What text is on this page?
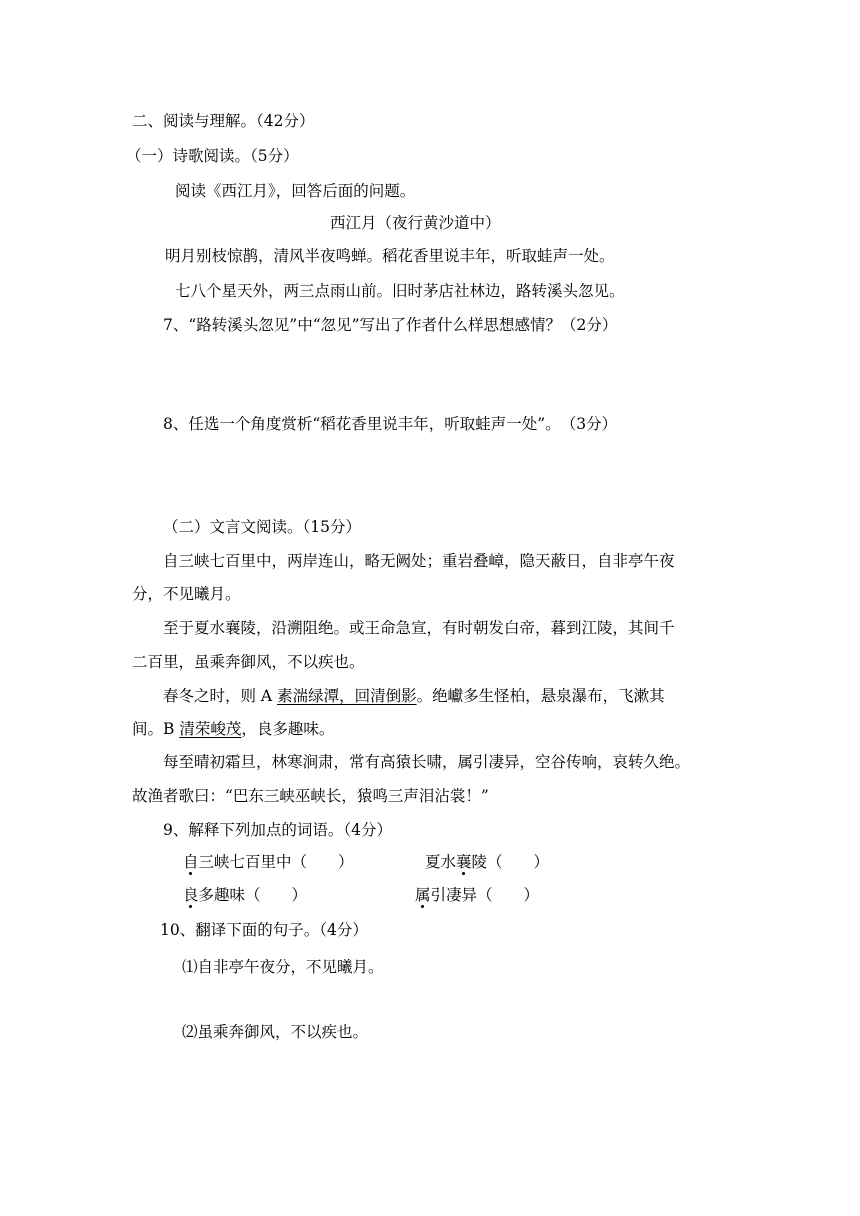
二、阅读与理解。（42分）
（一）诗歌阅读。（5分）
阅读《西江月》，回答后面的问题。
西江月（夜行黄沙道中）
明月别枝惊鹊，清风半夜鸣蝉。稻花香里说丰年，听取蛙声一处。
七八个星天外，两三点雨山前。旧时茅店社林边，路转溪头忽见。
7、“路转溪头忽见”中“忽见”写出了作者什么样思想感情？（2分）
8、任选一个角度赏析“稻花香里说丰年，听取蛙声一处”。　（3分）
（二）文言文阅读。（15分）
自三峡七百里中，两岸连山，略无阙处；重岩叠嶂，隐天蔽日，自非亭午夜
分，不见曦月。
至于夏水襄陵，沿溯阻绝。或王命急宣，有时朝发白帝，暮到江陵，其间千
二百里，虽乘奔御风，不以疾也。
春冬之时，则 A 素湍绿潭，回清倒影。绝巘多生怪柏，悬泉瀑布，飞漱其
间。B 清荣峻茂，良多趣味。
每至晴初霜旦，林寒涧肃，常有高猿长啸，属引凄异，空谷传响，哀转久绝。
故渔者歌曰：“巴东三峡巫峡长，猿鸣三声泪沾裳！”
9、解释下列加点的词语。（4分）
自三峡七百里中（　　）	夏水襄陵（　　）
良多趣味（　　）	属引凄异（　　）
10、翻译下面的句子。（4分）
⑴自非亭午夜分，不见曦月。
⑵虽乘奔御风，不以疾也。
